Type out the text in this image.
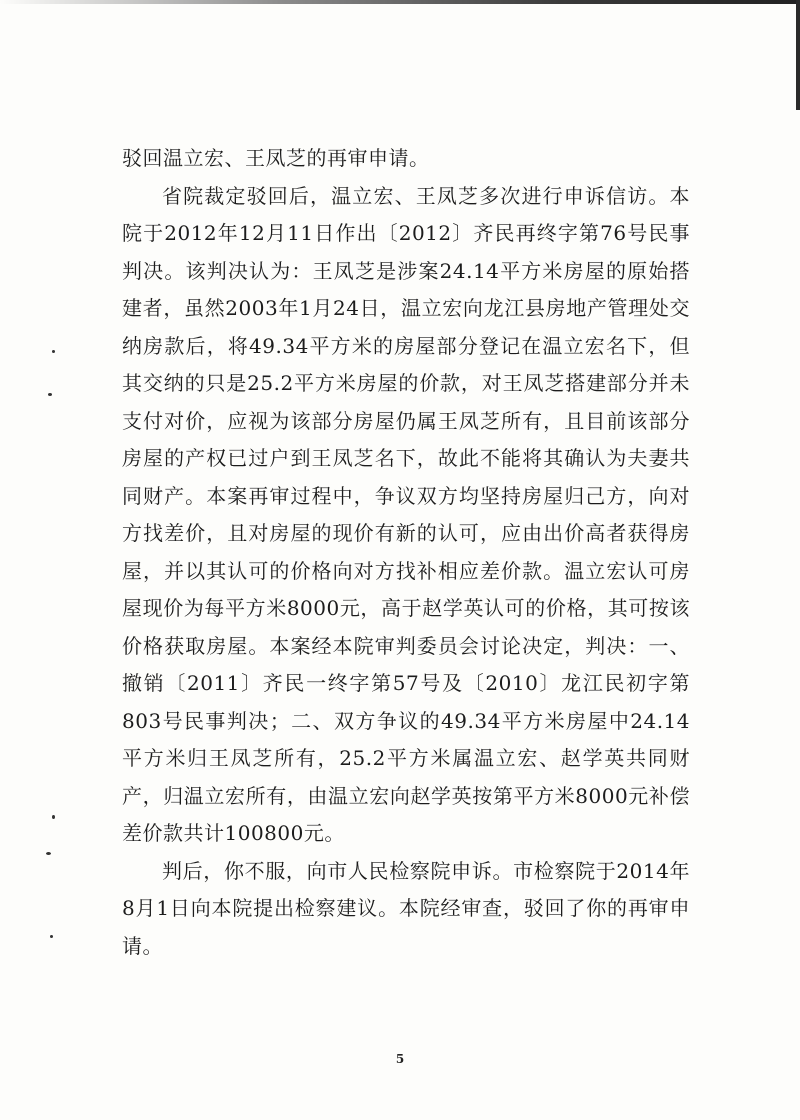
驳回温立宏、王凤芝的再审申请。

省院裁定驳回后，温立宏、王凤芝多次进行申诉信访。本院于2012年12月11日作出〔2012〕齐民再终字第76号民事判决。该判决认为：王凤芝是涉案24.14平方米房屋的原始搭建者，虽然2003年1月24日，温立宏向龙江县房地产管理处交纳房款后，将49.34平方米的房屋部分登记在温立宏名下，但其交纳的只是25.2平方米房屋的价款，对王凤芝搭建部分并未支付对价，应视为该部分房屋仍属王凤芝所有，且目前该部分房屋的产权已过户到王凤芝名下，故此不能将其确认为夫妻共同财产。本案再审过程中，争议双方均坚持房屋归己方，向对方找差价，且对房屋的现价有新的认可，应由出价高者获得房屋，并以其认可的价格向对方找补相应差价款。温立宏认可房屋现价为每平方米8000元，高于赵学英认可的价格，其可按该价格获取房屋。本案经本院审判委员会讨论决定，判决：一、撤销〔2011〕齐民一终字第57号及〔2010〕龙江民初字第803号民事判决；二、双方争议的49.34平方米房屋中24.14平方米归王凤芝所有，25.2平方米属温立宏、赵学英共同财产，归温立宏所有，由温立宏向赵学英按第平方米8000元补偿差价款共计100800元。

判后，你不服，向市人民检察院申诉。市检察院于2014年8月1日向本院提出检察建议。本院经审查，驳回了你的再审申请。

5
